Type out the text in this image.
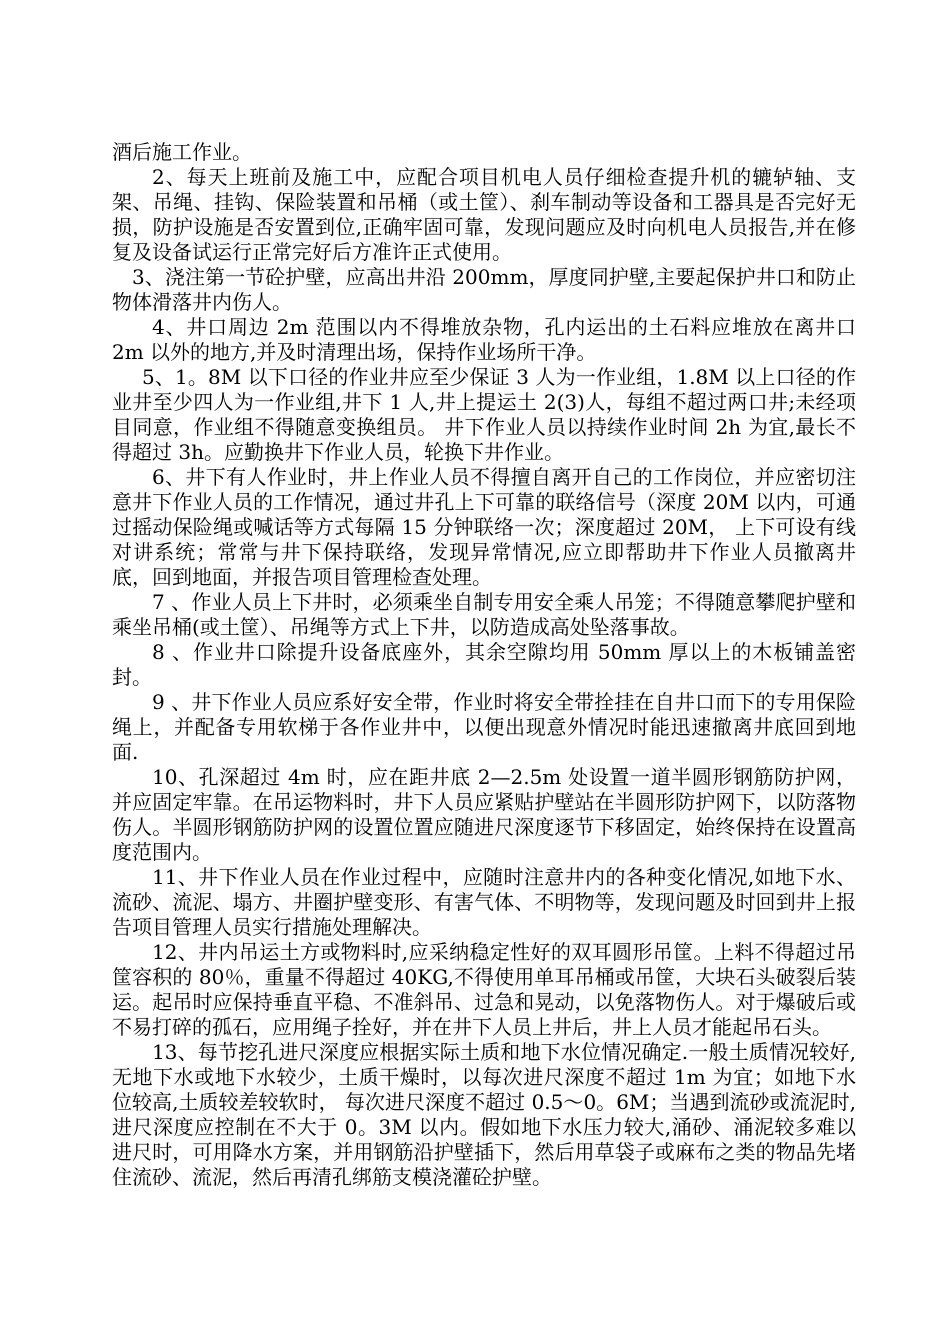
酒后施工作业。

2、每天上班前及施工中，应配合项目机电人员仔细检查提升机的辘轳轴、支架、吊绳、挂钩、保险装置和吊桶（或土筐）、刹车制动等设备和工器具是否完好无损，防护设施是否安置到位,正确牢固可靠，发现问题应及时向机电人员报告,并在修复及设备试运行正常完好后方准许正式使用。

3、浇注第一节砼护壁，应高出井沿 200mm，厚度同护壁,主要起保护井口和防止物体滑落井内伤人。

4、井口周边 2m 范围以内不得堆放杂物，孔内运出的土石料应堆放在离井口 2m 以外的地方,并及时清理出场，保持作业场所干净。

5、1。8M 以下口径的作业井应至少保证 3 人为一作业组，1.8M 以上口径的作业井至少四人为一作业组,井下 1 人,井上提运土 2(3)人，每组不超过两口井;未经项目同意，作业组不得随意变换组员。 井下作业人员以持续作业时间 2h 为宜,最长不得超过 3h。应勤换井下作业人员，轮换下井作业。

6、井下有人作业时，井上作业人员不得擅自离开自己的工作岗位，并应密切注意井下作业人员的工作情况，通过井孔上下可靠的联络信号（深度 20M 以内，可通过摇动保险绳或喊话等方式每隔 15 分钟联络一次；深度超过 20M， 上下可设有线对讲系统；常常与井下保持联络，发现异常情况,应立即帮助井下作业人员撤离井底，回到地面，并报告项目管理检查处理。

7 、作业人员上下井时，必须乘坐自制专用安全乘人吊笼；不得随意攀爬护壁和乘坐吊桶(或土筐）、吊绳等方式上下井，以防造成高处坠落事故。

8 、作业井口除提升设备底座外，其余空隙均用 50mm 厚以上的木板铺盖密封。

9 、井下作业人员应系好安全带，作业时将安全带拴挂在自井口而下的专用保险绳上，并配备专用软梯于各作业井中，以便出现意外情况时能迅速撤离井底回到地面.

10、孔深超过 4m 时，应在距井底 2—2.5m 处设置一道半圆形钢筋防护网，并应固定牢靠。在吊运物料时，井下人员应紧贴护壁站在半圆形防护网下，以防落物伤人。半圆形钢筋防护网的设置位置应随进尺深度逐节下移固定，始终保持在设置高度范围内。

11、井下作业人员在作业过程中，应随时注意井内的各种变化情况,如地下水、流砂、流泥、塌方、井圈护壁变形、有害气体、不明物等，发现问题及时回到井上报告项目管理人员实行措施处理解决。

12、井内吊运土方或物料时,应采纳稳定性好的双耳圆形吊筐。上料不得超过吊筐容积的 80％，重量不得超过 40KG,不得使用单耳吊桶或吊筐，大块石头破裂后装运。起吊时应保持垂直平稳、不准斜吊、过急和晃动，以免落物伤人。对于爆破后或不易打碎的孤石，应用绳子拴好，并在井下人员上井后，井上人员才能起吊石头。

13、每节挖孔进尺深度应根据实际土质和地下水位情况确定.一般土质情况较好,无地下水或地下水较少，土质干燥时，以每次进尺深度不超过 1m 为宜；如地下水位较高,土质较差较软时， 每次进尺深度不超过 0.5～0。6M；当遇到流砂或流泥时,进尺深度应控制在不大于 0。3M 以内。假如地下水压力较大,涌砂、涌泥较多难以进尺时，可用降水方案，并用钢筋沿护壁插下，然后用草袋子或麻布之类的物品先堵住流砂、流泥，然后再清孔绑筋支模浇灌砼护壁。
